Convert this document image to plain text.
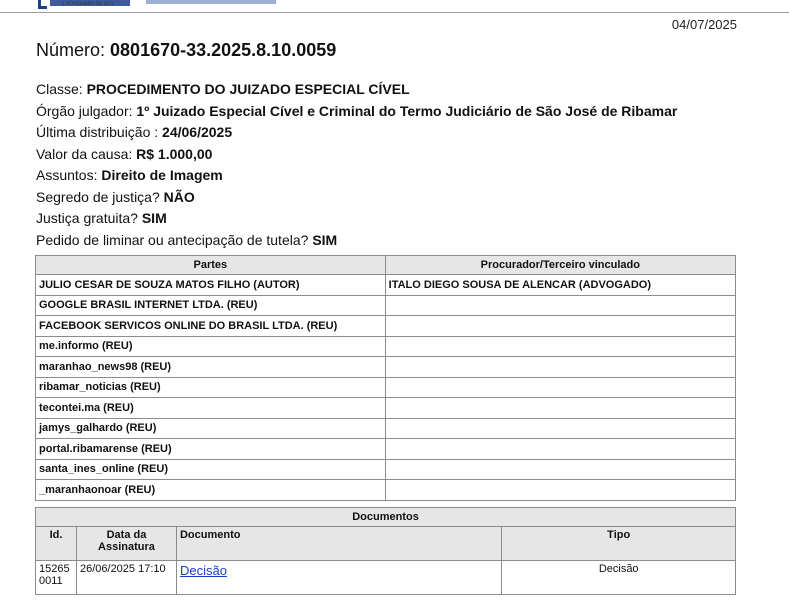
4 NOVEMBRO DE 1813
04/07/2025
Número: 0801670-33.2025.8.10.0059
Classe: PROCEDIMENTO DO JUIZADO ESPECIAL CÍVEL
Órgão julgador: 1º Juizado Especial Cível e Criminal do Termo Judiciário de São José de Ribamar
Última distribuição : 24/06/2025
Valor da causa: R$ 1.000,00
Assuntos: Direito de Imagem
Segredo de justiça? NÃO
Justiça gratuita? SIM
Pedido de liminar ou antecipação de tutela? SIM
Partes	Procurador/Terceiro vinculado
JULIO CESAR DE SOUZA MATOS FILHO (AUTOR)	ITALO DIEGO SOUSA DE ALENCAR (ADVOGADO)
GOOGLE BRASIL INTERNET LTDA. (REU)	
FACEBOOK SERVICOS ONLINE DO BRASIL LTDA. (REU)	
me.informo (REU)	
maranhao_news98 (REU)	
ribamar_noticias (REU)	
tecontei.ma (REU)	
jamys_galhardo (REU)	
portal.ribamarense (REU)	
santa_ines_online (REU)	
_maranhaonoar (REU)	
Documentos			
Id.	Data da Assinatura	Documento	Tipo
15265 0011	26/06/2025 17:10	Decisão	Decisão
